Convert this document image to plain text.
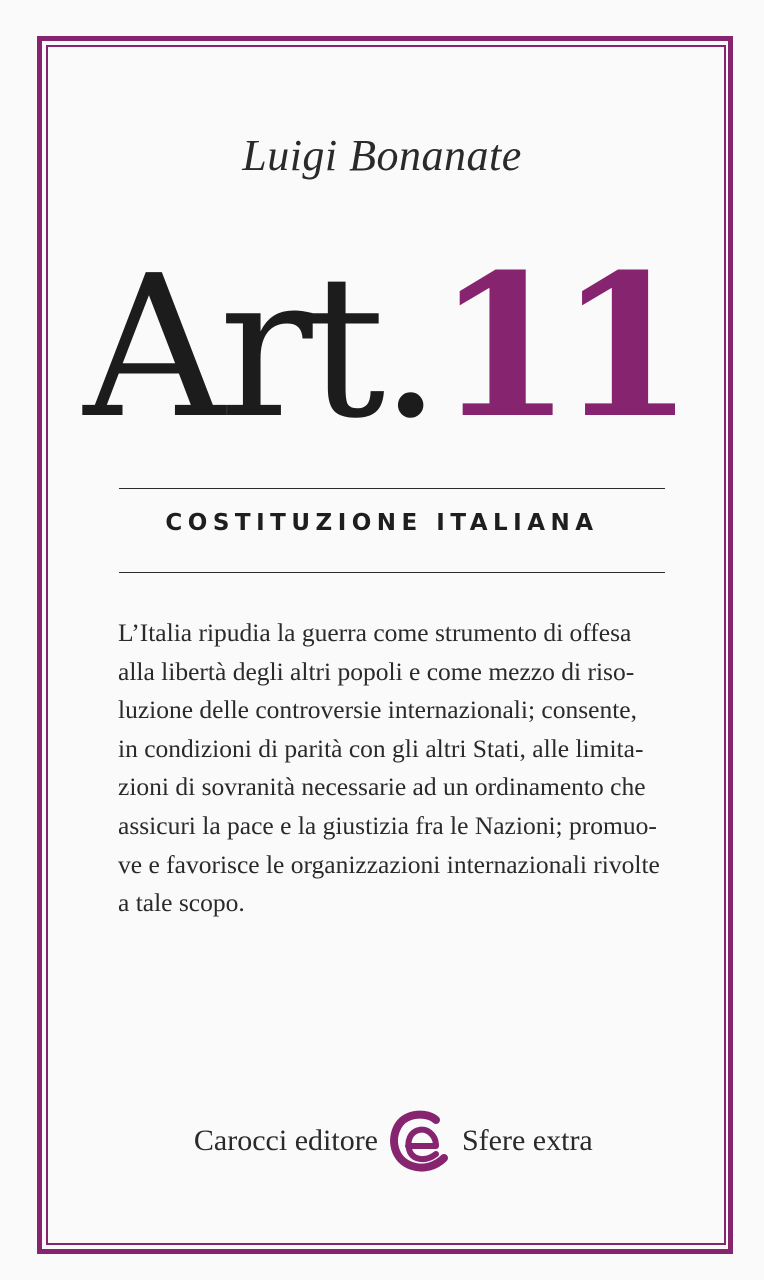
Luigi Bonanate
Art.11
COSTITUZIONE ITALIANA
L’Italia ripudia la guerra come strumento di offesa
alla libertà degli altri popoli e come mezzo di riso-
luzione delle controversie internazionali; consente,
in condizioni di parità con gli altri Stati, alle limita-
zioni di sovranità necessarie ad un ordinamento che
assicuri la pace e la giustizia fra le Nazioni; promuo-
ve e favorisce le organizzazioni internazionali rivolte
a tale scopo.
Carocci editore	Sfere extra
